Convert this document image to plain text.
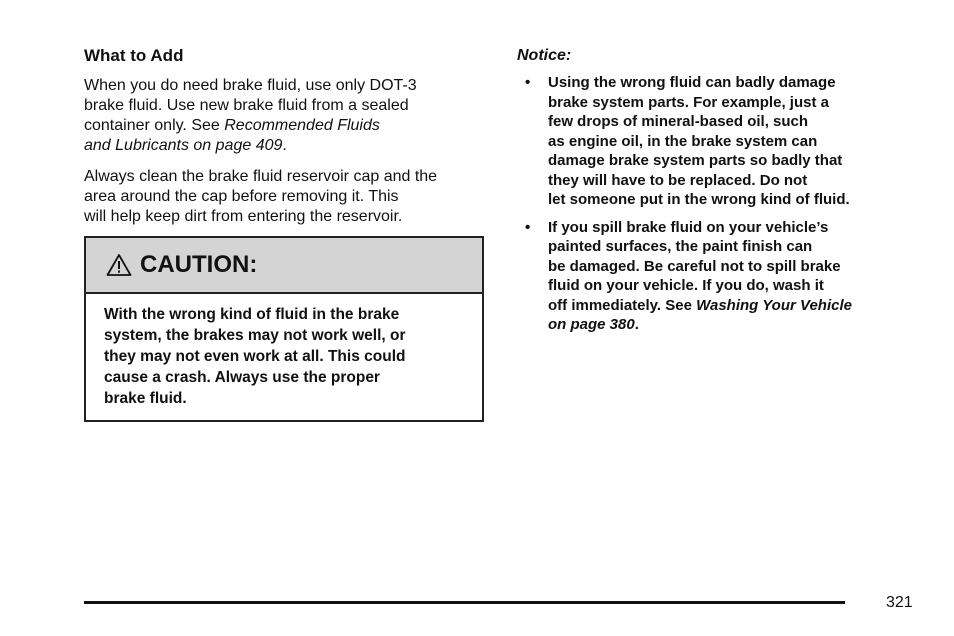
What to Add
When you do need brake fluid, use only DOT-3
brake fluid. Use new brake fluid from a sealed
container only. See Recommended Fluids
and Lubricants on page 409.
Always clean the brake fluid reservoir cap and the
area around the cap before removing it. This
will help keep dirt from entering the reservoir.
CAUTION:
With the wrong kind of fluid in the brake
system, the brakes may not work well, or
they may not even work at all. This could
cause a crash. Always use the proper
brake fluid.
Notice:
•	Using the wrong fluid can badly damage
brake system parts. For example, just a
few drops of mineral-based oil, such
as engine oil, in the brake system can
damage brake system parts so badly that
they will have to be replaced. Do not
let someone put in the wrong kind of fluid.
•	If you spill brake fluid on your vehicle’s
painted surfaces, the paint finish can
be damaged. Be careful not to spill brake
fluid on your vehicle. If you do, wash it
off immediately. See Washing Your Vehicle
on page 380.
321
